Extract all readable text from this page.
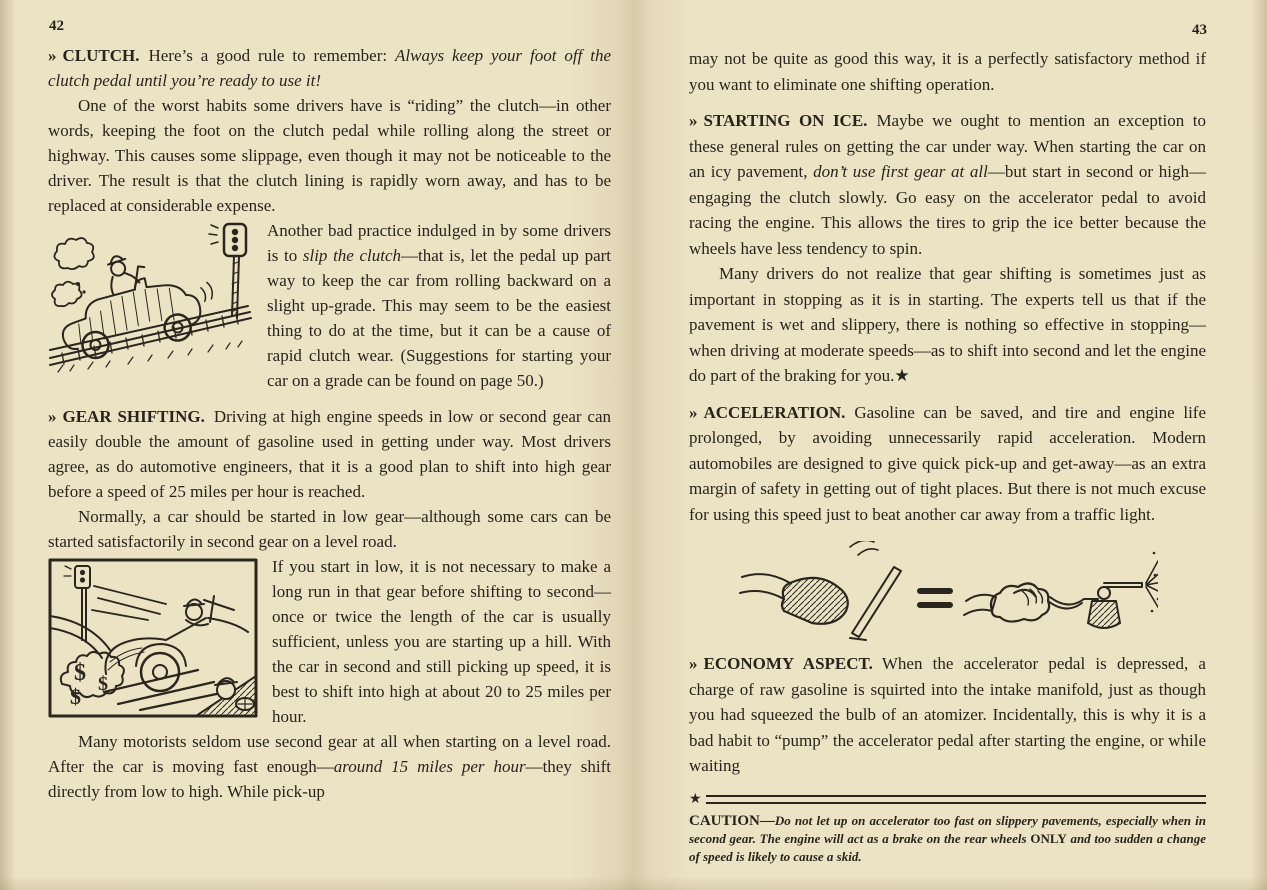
42	43

» CLUTCH. Here’s a good rule to remember: Always keep your foot off the clutch pedal until you’re ready to use it!

One of the worst habits some drivers have is “riding” the clutch—in other words, keeping the foot on the clutch pedal while rolling along the street or highway. This causes some slippage, even though it may not be noticeable to the driver. The result is that the clutch lining is rapidly worn away, and has to be replaced at considerable expense.

Another bad practice indulged in by some drivers is to slip the clutch—that is, let the pedal up part way to keep the car from rolling backward on a slight up-grade. This may seem to be the easiest thing to do at the time, but it can be a cause of rapid clutch wear. (Suggestions for starting your car on a grade can be found on page 50.)

» GEAR SHIFTING. Driving at high engine speeds in low or second gear can easily double the amount of gasoline used in getting under way. Most drivers agree, as do automotive engineers, that it is a good plan to shift into high gear before a speed of 25 miles per hour is reached.

Normally, a car should be started in low gear—although some cars can be started satisfactorily in second gear on a level road.

$ $
$

If you start in low, it is not necessary to make a long run in that gear before shifting to second—once or twice the length of the car is usually sufficient, unless you are starting up a hill. With the car in second and still picking up speed, it is best to shift into high at about 20 to 25 miles per hour.

Many motorists seldom use second gear at all when starting on a level road. After the car is moving fast enough—around 15 miles per hour—they shift directly from low to high. While pick-up

may not be quite as good this way, it is a perfectly satisfactory method if you want to eliminate one shifting operation.

» STARTING ON ICE. Maybe we ought to mention an exception to these general rules on getting the car under way. When starting the car on an icy pavement, don’t use first gear at all—but start in second or high—engaging the clutch slowly. Go easy on the accelerator pedal to avoid racing the engine. This allows the tires to grip the ice better because the wheels have less tendency to spin.

Many drivers do not realize that gear shifting is sometimes just as important in stopping as it is in starting. The experts tell us that if the pavement is wet and slippery, there is nothing so effective in stopping—when driving at moderate speeds—as to shift into second and let the engine do part of the braking for you.★

» ACCELERATION. Gasoline can be saved, and tire and engine life prolonged, by avoiding unnecessarily rapid acceleration. Modern automobiles are designed to give quick pick-up and get-away—as an extra margin of safety in getting out of tight places. But there is not much excuse for using this speed just to beat another car away from a traffic light.

» ECONOMY ASPECT. When the accelerator pedal is depressed, a charge of raw gasoline is squirted into the intake manifold, just as though you had squeezed the bulb of an atomizer. Incidentally, this is why it is a bad habit to “pump” the accelerator pedal after starting the engine, or while waiting

★

CAUTION—Do not let up on accelerator too fast on slippery pavements, especially when in second gear. The engine will act as a brake on the rear wheels ONLY and too sudden a change of speed is likely to cause a skid.
